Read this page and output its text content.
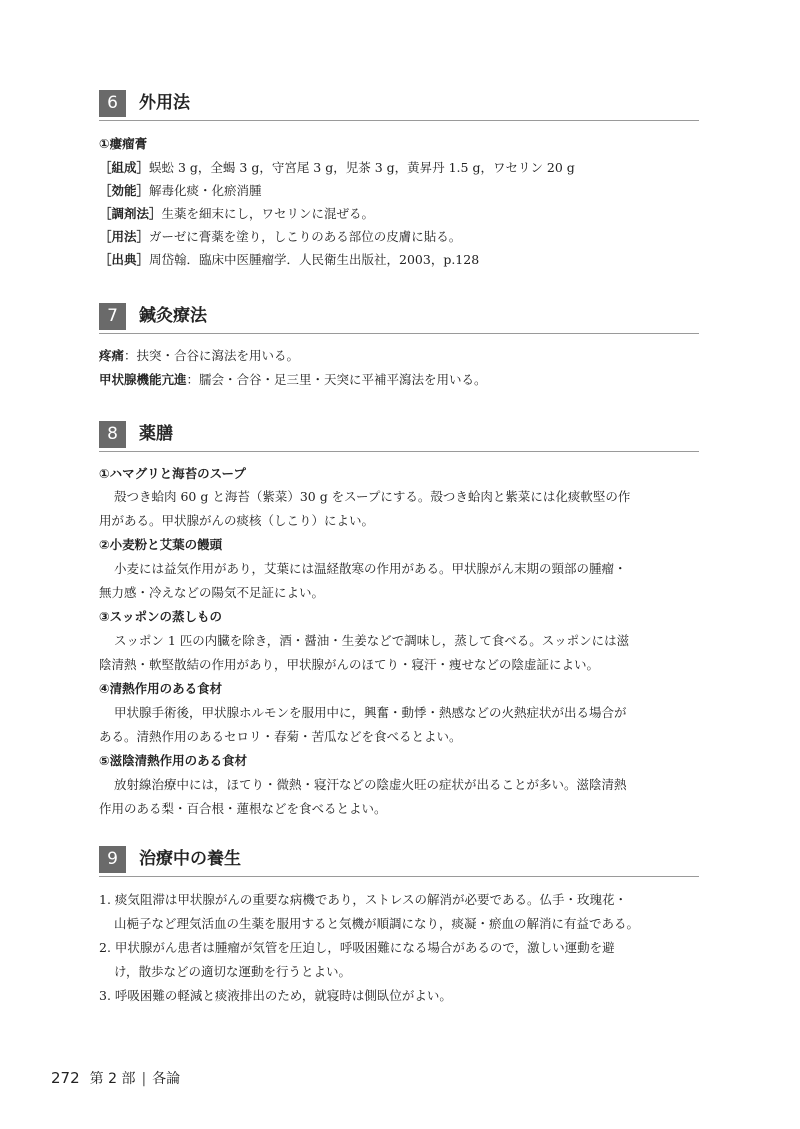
6	外用法
①瘻瘤膏
［組成］蜈蚣 3 g，全蝎 3 g，守宮尾 3 g，児茶 3 g，黄昇丹 1.5 g，ワセリン 20 g
［効能］解毒化痰・化瘀消腫
［調剤法］生薬を細末にし，ワセリンに混ぜる。
［用法］ガーゼに膏薬を塗り，しこりのある部位の皮膚に貼る。
［出典］周岱翰．臨床中医腫瘤学．人民衛生出版社，2003，p.128
7	鍼灸療法
疼痛：扶突・合谷に瀉法を用いる。
甲状腺機能亢進：臑会・合谷・足三里・天突に平補平瀉法を用いる。
8	薬膳
①ハマグリと海苔のスープ
殻つき蛤肉 60 g と海苔（紫菜）30 g をスープにする。殻つき蛤肉と紫菜には化痰軟堅の作
用がある。甲状腺がんの痰核（しこり）によい。
②小麦粉と艾葉の饅頭
小麦には益気作用があり，艾葉には温経散寒の作用がある。甲状腺がん末期の頸部の腫瘤・
無力感・冷えなどの陽気不足証によい。
③スッポンの蒸しもの
スッポン 1 匹の内臓を除き，酒・醤油・生姜などで調味し，蒸して食べる。スッポンには滋
陰清熱・軟堅散結の作用があり，甲状腺がんのほてり・寝汗・痩せなどの陰虚証によい。
④清熱作用のある食材
甲状腺手術後，甲状腺ホルモンを服用中に，興奮・動悸・熱感などの火熱症状が出る場合が
ある。清熱作用のあるセロリ・春菊・苦瓜などを食べるとよい。
⑤滋陰清熱作用のある食材
放射線治療中には，ほてり・微熱・寝汗などの陰虚火旺の症状が出ることが多い。滋陰清熱
作用のある梨・百合根・蓮根などを食べるとよい。
9	治療中の養生
1. 痰気阻滞は甲状腺がんの重要な病機であり，ストレスの解消が必要である。仏手・玫瑰花・
山梔子など理気活血の生薬を服用すると気機が順調になり，痰凝・瘀血の解消に有益である。
2. 甲状腺がん患者は腫瘤が気管を圧迫し，呼吸困難になる場合があるので，激しい運動を避
け，散歩などの適切な運動を行うとよい。
3. 呼吸困難の軽減と痰液排出のため，就寝時は側臥位がよい。
272 第 2 部 | 各論
